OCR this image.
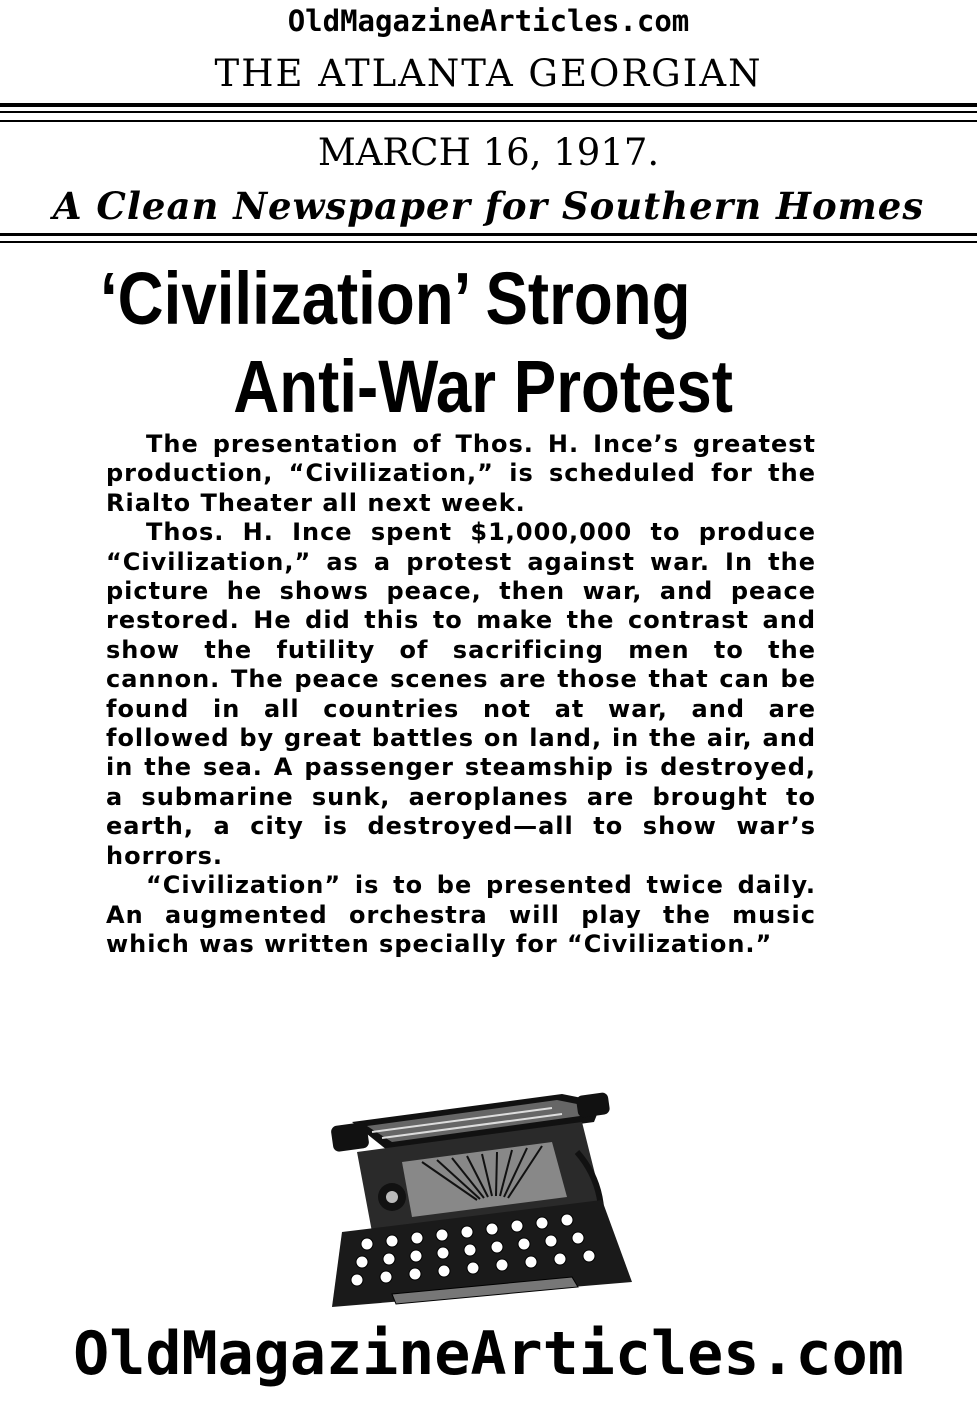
OldMagazineArticles.com
THE ATLANTA GEORGIAN
MARCH 16, 1917.
A Clean Newspaper for Southern Homes
‘Civilization’ Strong
Anti-War Protest

The presentation of Thos. H. Ince’s greatest production, “Civilization,” is scheduled for the Rialto Theater all next week.

Thos. H. Ince spent $1,000,000 to produce “Civilization,” as a protest against war. In the picture he shows peace, then war, and peace restored. He did this to make the contrast and show the futility of sacrificing men to the cannon. The peace scenes are those that can be found in all countries not at war, and are followed by great battles on land, in the air, and in the sea. A passenger steamship is destroyed, a submarine sunk, aeroplanes are brought to earth, a city is destroyed—all to show war’s horrors.

“Civilization” is to be presented twice daily. An augmented orchestra will play the music which was written specially for “Civilization.”

OldMagazineArticles.com
